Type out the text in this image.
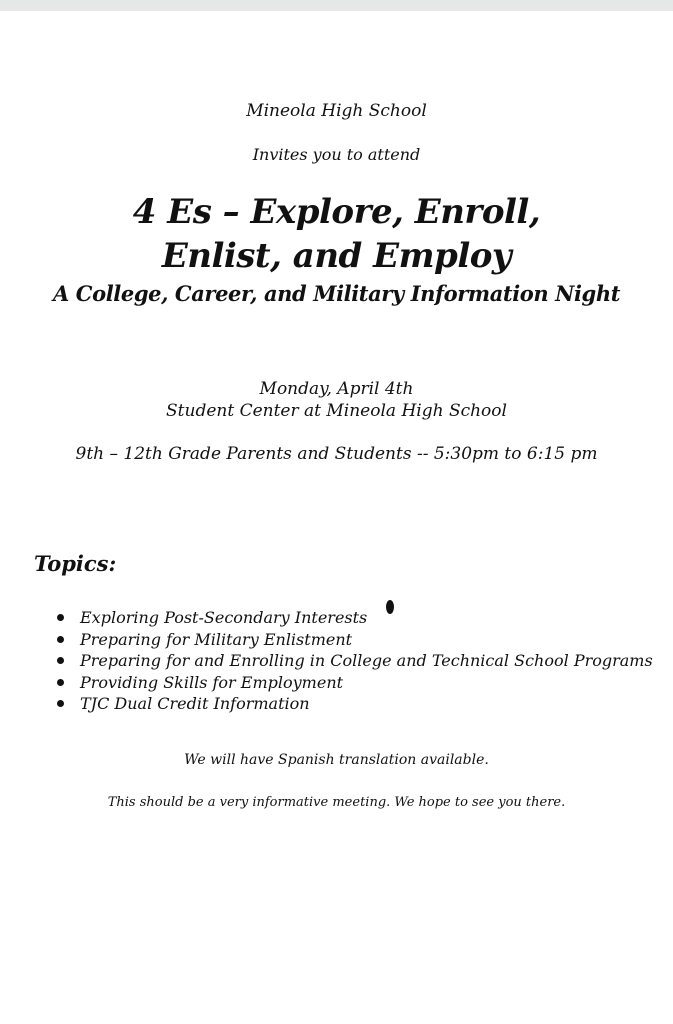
Mineola High School
Invites you to attend
4 Es – Explore, Enroll,
Enlist, and Employ
A College, Career, and Military Information Night
Monday, April 4th
Student Center at Mineola High School
9th – 12th Grade Parents and Students -- 5:30pm to 6:15 pm
Topics:
Exploring Post-Secondary Interests
Preparing for Military Enlistment
Preparing for and Enrolling in College and Technical School Programs
Providing Skills for Employment
TJC Dual Credit Information
We will have Spanish translation available.
This should be a very informative meeting. We hope to see you there.
